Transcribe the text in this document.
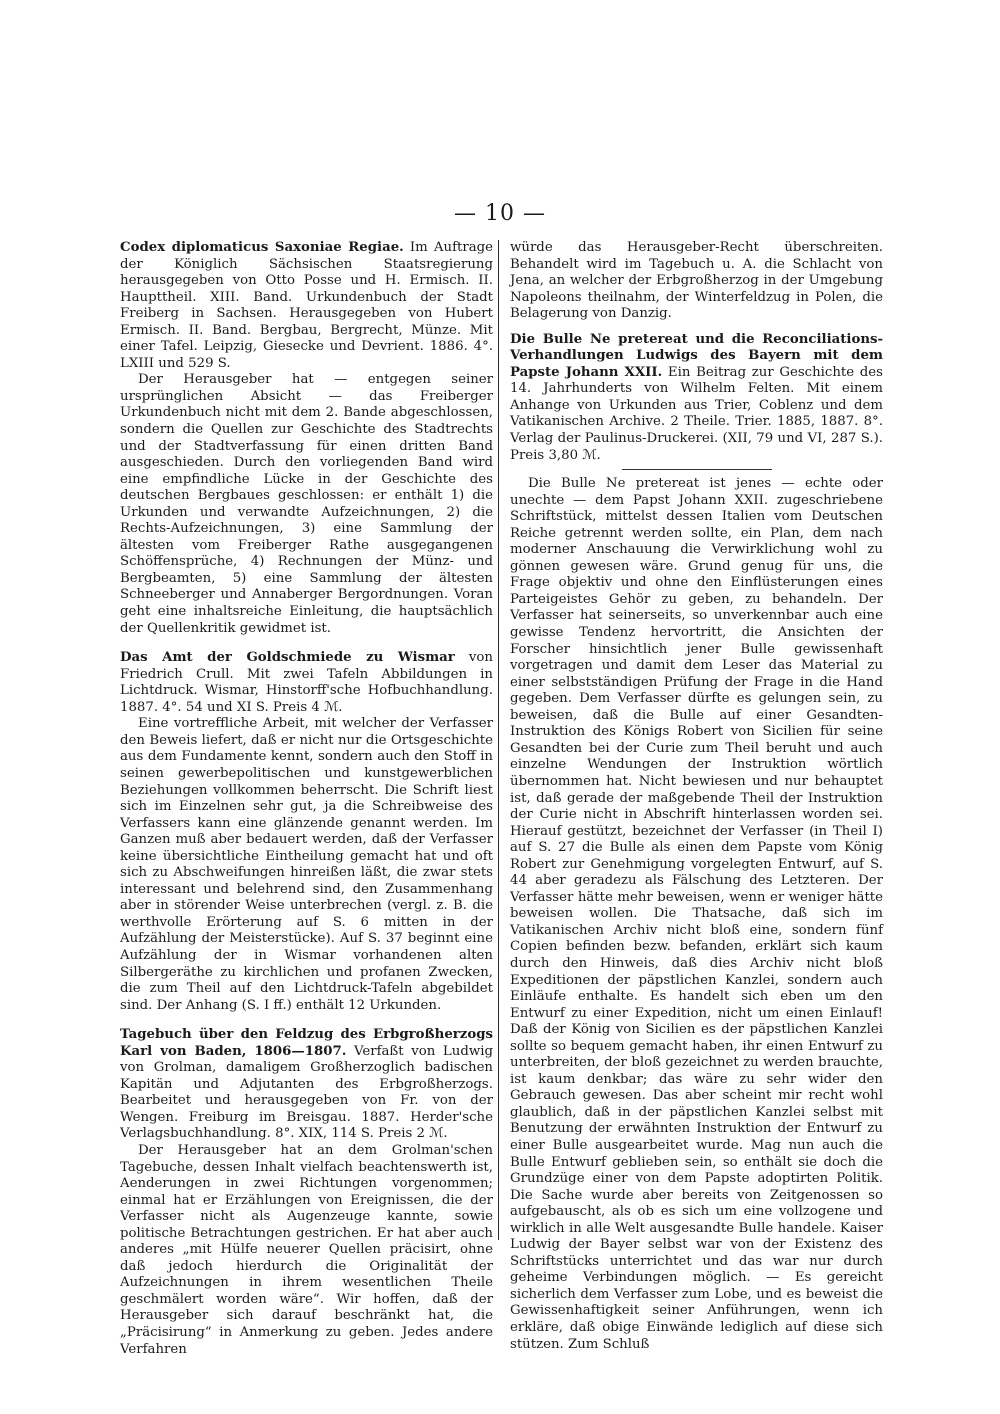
— 10 —

Codex diplomaticus Saxoniae Regiae. Im Auftrage der Königlich Sächsischen Staatsregierung herausgegeben von Otto Posse und H. Ermisch. II. Haupttheil. XIII. Band. Urkundenbuch der Stadt Freiberg in Sachsen. Herausgegeben von Hubert Ermisch. II. Band. Bergbau, Bergrecht, Münze. Mit einer Tafel. Leipzig, Giesecke und Devrient. 1886. 4°. LXIII und 529 S.

Der Herausgeber hat — entgegen seiner ursprünglichen Absicht — das Freiberger Urkundenbuch nicht mit dem 2. Bande abgeschlossen, sondern die Quellen zur Geschichte des Stadtrechts und der Stadtverfassung für einen dritten Band ausgeschieden. Durch den vorliegenden Band wird eine empfindliche Lücke in der Geschichte des deutschen Bergbaues geschlossen: er enthält 1) die Urkunden und verwandte Aufzeichnungen, 2) die Rechts-Aufzeichnungen, 3) eine Sammlung der ältesten vom Freiberger Rathe ausgegangenen Schöffensprüche, 4) Rechnungen der Münz- und Bergbeamten, 5) eine Sammlung der ältesten Schneeberger und Annaberger Bergordnungen. Voran geht eine inhaltsreiche Einleitung, die hauptsächlich der Quellenkritik gewidmet ist.

Das Amt der Goldschmiede zu Wismar von Friedrich Crull. Mit zwei Tafeln Abbildungen in Lichtdruck. Wismar, Hinstorff'sche Hofbuchhandlung. 1887. 4°. 54 und XI S. Preis 4 ℳ.

Eine vortreffliche Arbeit, mit welcher der Verfasser den Beweis liefert, daß er nicht nur die Ortsgeschichte aus dem Fundamente kennt, sondern auch den Stoff in seinen gewerbepolitischen und kunstgewerblichen Beziehungen vollkommen beherrscht. Die Schrift liest sich im Einzelnen sehr gut, ja die Schreibweise des Verfassers kann eine glänzende genannt werden. Im Ganzen muß aber bedauert werden, daß der Verfasser keine übersichtliche Eintheilung gemacht hat und oft sich zu Abschweifungen hinreißen läßt, die zwar stets interessant und belehrend sind, den Zusammenhang aber in störender Weise unterbrechen (vergl. z. B. die werthvolle Erörterung auf S. 6 mitten in der Aufzählung der Meisterstücke). Auf S. 37 beginnt eine Aufzählung der in Wismar vorhandenen alten Silbergeräthe zu kirchlichen und profanen Zwecken, die zum Theil auf den Lichtdruck-Tafeln abgebildet sind. Der Anhang (S. I ff.) enthält 12 Urkunden.

Tagebuch über den Feldzug des Erbgroßherzogs Karl von Baden, 1806—1807. Verfaßt von Ludwig von Grolman, damaligem Großherzoglich badischen Kapitän und Adjutanten des Erbgroßherzogs. Bearbeitet und herausgegeben von Fr. von der Wengen. Freiburg im Breisgau. 1887. Herder'sche Verlagsbuchhandlung. 8°. XIX, 114 S. Preis 2 ℳ.

Der Herausgeber hat an dem Grolman'schen Tagebuche, dessen Inhalt vielfach beachtenswerth ist, Aenderungen in zwei Richtungen vorgenommen; einmal hat er Erzählungen von Ereignissen, die der Verfasser nicht als Augenzeuge kannte, sowie politische Betrachtungen gestrichen. Er hat aber auch anderes „mit Hülfe neuerer Quellen präcisirt, ohne daß jedoch hierdurch die Originalität der Aufzeichnungen in ihrem wesentlichen Theile geschmälert worden wäre“. Wir hoffen, daß der Herausgeber sich darauf beschränkt hat, die „Präcisirung“ in Anmerkung zu geben. Jedes andere Verfahren

würde das Herausgeber-Recht überschreiten. Behandelt wird im Tagebuch u. A. die Schlacht von Jena, an welcher der Erbgroßherzog in der Umgebung Napoleons theilnahm, der Winterfeldzug in Polen, die Belagerung von Danzig.

Die Bulle Ne pretereat und die Reconciliations-Verhandlungen Ludwigs des Bayern mit dem Papste Johann XXII. Ein Beitrag zur Geschichte des 14. Jahrhunderts von Wilhelm Felten. Mit einem Anhange von Urkunden aus Trier, Coblenz und dem Vatikanischen Archive. 2 Theile. Trier. 1885, 1887. 8°. Verlag der Paulinus-Druckerei. (XII, 79 und VI, 287 S.). Preis 3,80 ℳ.

Die Bulle Ne pretereat ist jenes — echte oder unechte — dem Papst Johann XXII. zugeschriebene Schriftstück, mittelst dessen Italien vom Deutschen Reiche getrennt werden sollte, ein Plan, dem nach moderner Anschauung die Verwirklichung wohl zu gönnen gewesen wäre. Grund genug für uns, die Frage objektiv und ohne den Einflüsterungen eines Parteigeistes Gehör zu geben, zu behandeln. Der Verfasser hat seinerseits, so unverkennbar auch eine gewisse Tendenz hervortritt, die Ansichten der Forscher hinsichtlich jener Bulle gewissenhaft vorgetragen und damit dem Leser das Material zu einer selbstständigen Prüfung der Frage in die Hand gegeben. Dem Verfasser dürfte es gelungen sein, zu beweisen, daß die Bulle auf einer Gesandten-Instruktion des Königs Robert von Sicilien für seine Gesandten bei der Curie zum Theil beruht und auch einzelne Wendungen der Instruktion wörtlich übernommen hat. Nicht bewiesen und nur behauptet ist, daß gerade der maßgebende Theil der Instruktion der Curie nicht in Abschrift hinterlassen worden sei. Hierauf gestützt, bezeichnet der Verfasser (in Theil I) auf S. 27 die Bulle als einen dem Papste vom König Robert zur Genehmigung vorgelegten Entwurf, auf S. 44 aber geradezu als Fälschung des Letzteren. Der Verfasser hätte mehr beweisen, wenn er weniger hätte beweisen wollen. Die Thatsache, daß sich im Vatikanischen Archiv nicht bloß eine, sondern fünf Copien befinden bezw. befanden, erklärt sich kaum durch den Hinweis, daß dies Archiv nicht bloß Expeditionen der päpstlichen Kanzlei, sondern auch Einläufe enthalte. Es handelt sich eben um den Entwurf zu einer Expedition, nicht um einen Einlauf! Daß der König von Sicilien es der päpstlichen Kanzlei sollte so bequem gemacht haben, ihr einen Entwurf zu unterbreiten, der bloß gezeichnet zu werden brauchte, ist kaum denkbar; das wäre zu sehr wider den Gebrauch gewesen. Das aber scheint mir recht wohl glaublich, daß in der päpstlichen Kanzlei selbst mit Benutzung der erwähnten Instruktion der Entwurf zu einer Bulle ausgearbeitet wurde. Mag nun auch die Bulle Entwurf geblieben sein, so enthält sie doch die Grundzüge einer von dem Papste adoptirten Politik. Die Sache wurde aber bereits von Zeitgenossen so aufgebauscht, als ob es sich um eine vollzogene und wirklich in alle Welt ausgesandte Bulle handele. Kaiser Ludwig der Bayer selbst war von der Existenz des Schriftstücks unterrichtet und das war nur durch geheime Verbindungen möglich. — Es gereicht sicherlich dem Verfasser zum Lobe, und es beweist die Gewissenhaftigkeit seiner Anführungen, wenn ich erkläre, daß obige Einwände lediglich auf diese sich stützen. Zum Schluß
